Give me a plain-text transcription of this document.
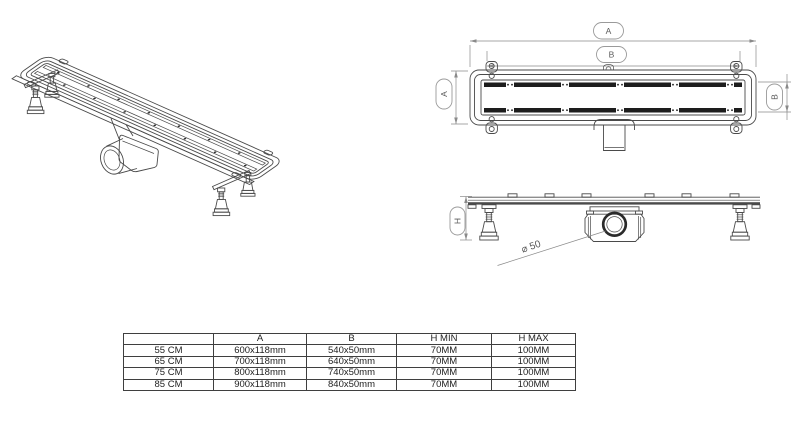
A
B
A
B
H
⌀ 50
	A	B	H MIN	H MAX
55 CM	600x118mm	540x50mm	70MM	100MM
65 CM	700x118mm	640x50mm	70MM	100MM
75 CM	800x118mm	740x50mm	70MM	100MM
85 CM	900x118mm	840x50mm	70MM	100MM
